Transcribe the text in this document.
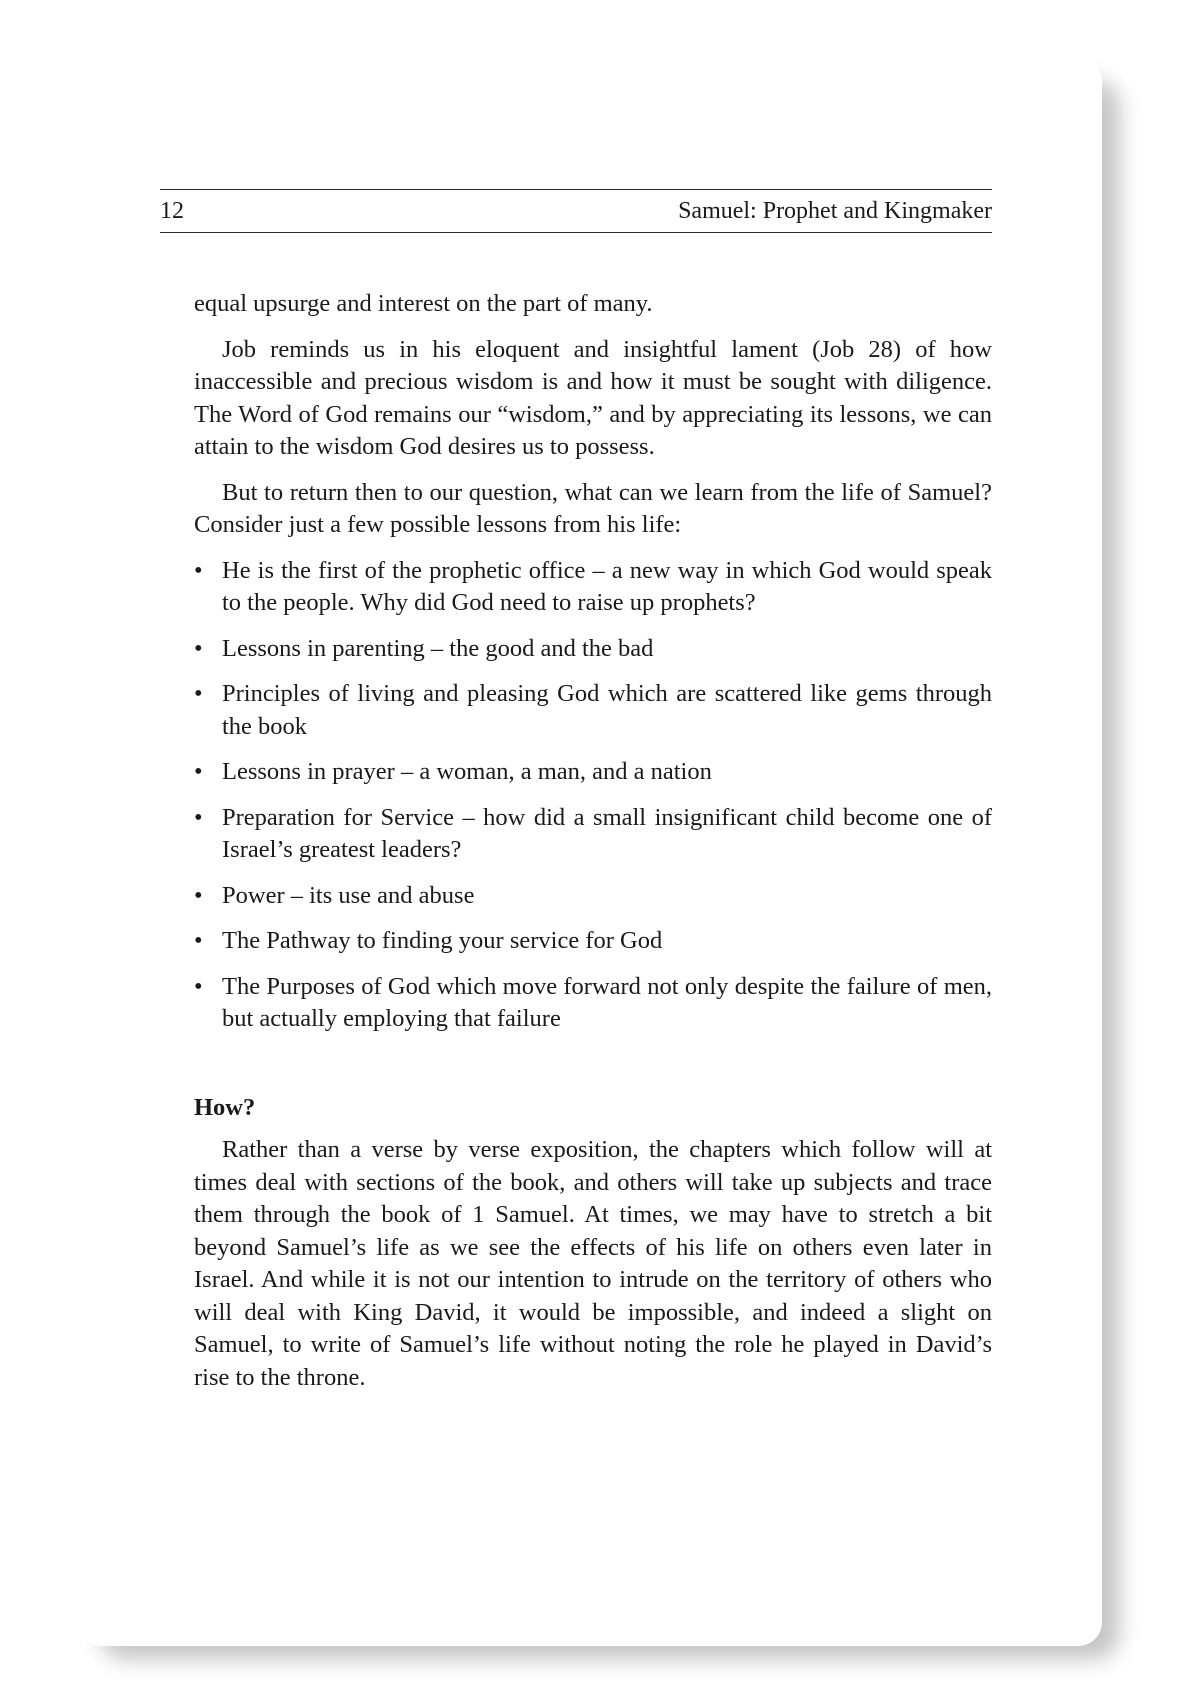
12	Samuel: Prophet and Kingmaker

equal upsurge and interest on the part of many.

Job reminds us in his eloquent and insightful lament (Job 28) of how inaccessible and precious wisdom is and how it must be sought with diligence. The Word of God remains our “wisdom,” and by appreciating its lessons, we can attain to the wisdom God desires us to possess.

But to return then to our question, what can we learn from the life of Samuel? Consider just a few possible lessons from his life:

• He is the first of the prophetic office – a new way in which God would speak to the people. Why did God need to raise up prophets?
• Lessons in parenting – the good and the bad
• Principles of living and pleasing God which are scattered like gems through the book
• Lessons in prayer – a woman, a man, and a nation
• Preparation for Service – how did a small insignificant child become one of Israel’s greatest leaders?
• Power – its use and abuse
• The Pathway to finding your service for God
• The Purposes of God which move forward not only despite the failure of men, but actually employing that failure
How?

Rather than a verse by verse exposition, the chapters which follow will at times deal with sections of the book, and others will take up subjects and trace them through the book of 1 Samuel. At times, we may have to stretch a bit beyond Samuel’s life as we see the effects of his life on others even later in Israel. And while it is not our intention to intrude on the territory of others who will deal with King David, it would be impossible, and indeed a slight on Samuel, to write of Samuel’s life without noting the role he played in David’s rise to the throne.
